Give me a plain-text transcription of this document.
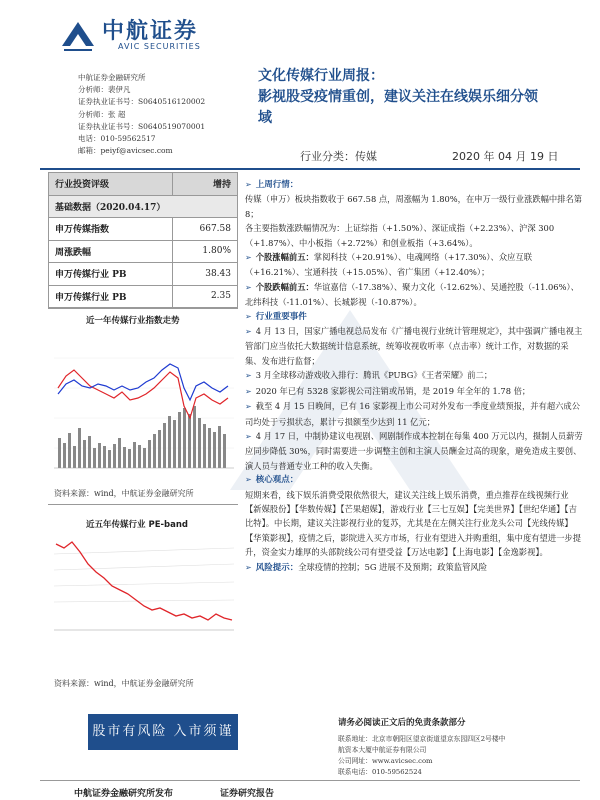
中航证券
AVIC SECURITIES
中航证券金融研究所
分析师：裴伊凡
证券执业证书号：S0640516120002
分析师：张 超
证券执业证书号：S0640519070001
电话：010-59562517
邮箱：peiyf@avicsec.com
文化传媒行业周报：
影视股受疫情重创，建议关注在线娱乐细分领
域
行业分类：传媒	2020 年 04 月 19 日
行业投资评级	增持
基础数据（2020.04.17）	
申万传媒指数	667.58
周涨跌幅	1.80%
申万传媒行业 PB	38.43
申万传媒行业 PB	2.35
近一年传媒行业指数走势
资料来源：wind，中航证券金融研究所
近五年传媒行业 PE-band
资料来源：wind，中航证券金融研究所
➢ 上周行情：
传媒（申万）板块指数收于 667.58 点，周涨幅为 1.80%，在申万一级行业涨跌幅中排名第 8；
各主要指数涨跌幅情况为：上证综指（+1.50%）、深证成指（+2.23%）、沪深 300（+1.87%）、中小板指（+2.72%）和创业板指（+3.64%）。
➢ 个股涨幅前五：掌阅科技（+20.91%）、电魂网络（+17.30%）、众应互联（+16.21%）、宝通科技（+15.05%）、省广集团（+12.40%）；
➢ 个股跌幅前五：华谊嘉信（-17.38%）、聚力文化（-12.62%）、吴通控股（-11.06%）、北纬科技（-11.01%）、长城影视（-10.87%）。
➢ 行业重要事件
➢ 4 月 13 日，国家广播电视总局发布《广播电视行业统计管理规定》，其中强调广播电视主管部门应当依托大数据统计信息系统，统筹收视收听率（点击率）统计工作，对数据的采集、发布进行监督；
➢ 3 月全球移动游戏收入排行：腾讯《PUBG》《王者荣耀》前二；
➢ 2020 年已有 5328 家影视公司注销或吊销，是 2019 年全年的 1.78 倍；
➢ 截至 4 月 15 日晚间，已有 16 家影视上市公司对外发布一季度业绩预报，并有超六成公司均处于亏损状态，累计亏损额至少达到 11 亿元；
➢ 4 月 17 日，中制协建议电视剧、网剧制作成本控制在每集 400 万元以内，摄制人员薪劳应同步降低 30%，同时需要进一步调整主创和主演人员酬金过高的现象，避免造成主要创、演人员与普通专业工种的收入失衡。
➢ 核心观点：
短期来看，线下娱乐消费受限依然很大，建议关注线上娱乐消费，重点推荐在线视频行业【新媒股份】【华数传媒】【芒果超媒】，游戏行业【三七互娱】【完美世界】【世纪华通】【吉比特】。中长期，建议关注影视行业的复苏，尤其是在左侧关注行业龙头公司【光线传媒】【华策影视】，疫情之后，影院进入买方市场，行业有望进入并购重组，集中度有望进一步提升，资金实力雄厚的头部院线公司有望受益【万达电影】【上海电影】【金逸影视】。
➢ 风险提示：全球疫情的控制；5G 进展不及预期；政策监管风险
股市有风险 入市须谨慎
请务必阅读正文后的免责条款部分
联系地址：北京市朝阳区望京街道望京东园四区2号楼中
航资本大厦中航证券有限公司
公司网址：www.avicsec.com
联系电话：010-59562524
中航证券金融研究所发布	证券研究报告
